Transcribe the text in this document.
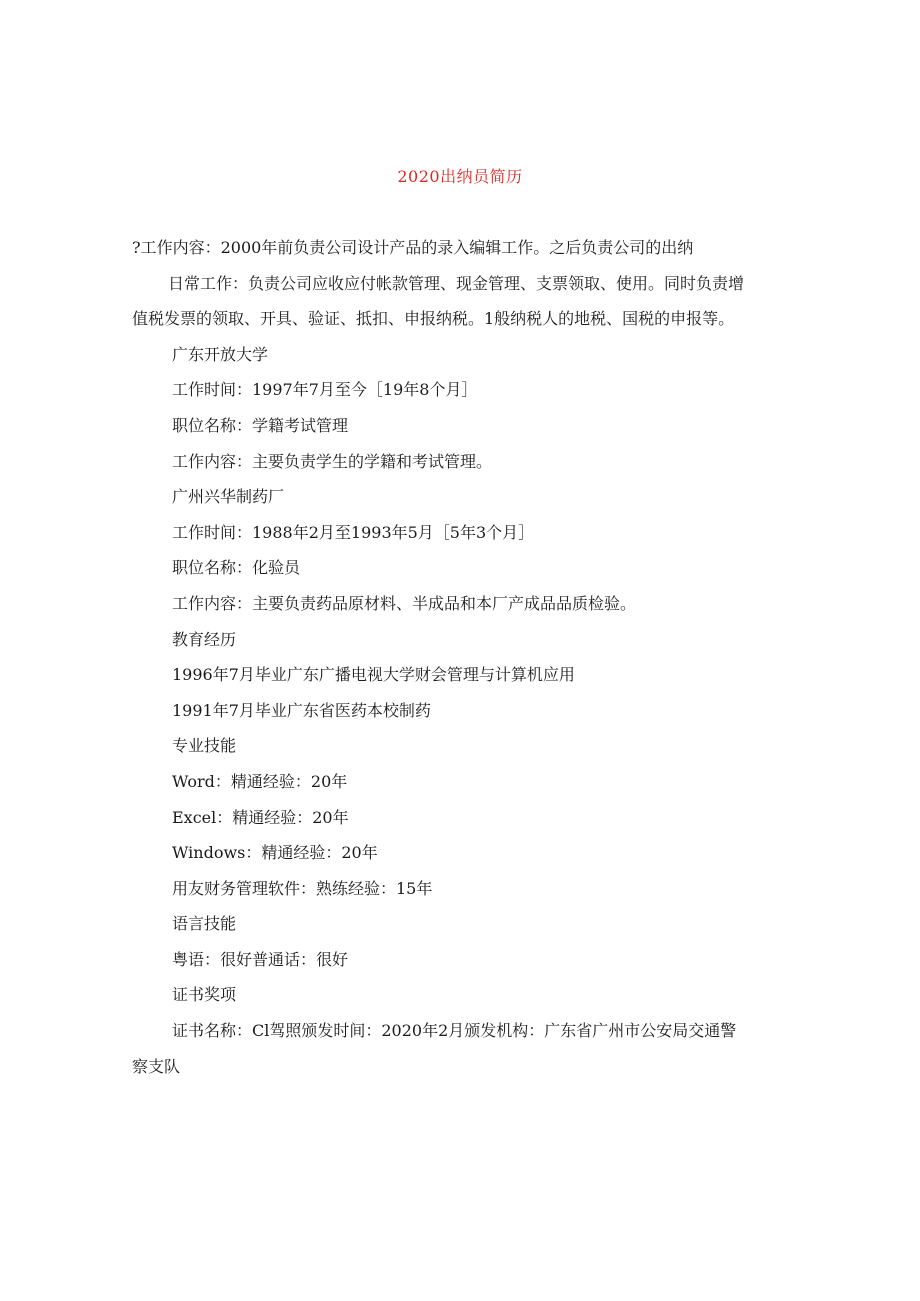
2020出纳员简历
?工作内容：2000年前负责公司设计产品的录入编辑工作。之后负责公司的出纳
日常工作：负责公司应收应付帐款管理、现金管理、支票领取、使用。同时负责增
值税发票的领取、开具、验证、抵扣、申报纳税。1般纳税人的地税、国税的申报等。
广东开放大学
工作时间：1997年7月至今［19年8个月］
职位名称：学籍考试管理
工作内容：主要负责学生的学籍和考试管理。
广州兴华制药厂
工作时间：1988年2月至1993年5月［5年3个月］
职位名称：化验员
工作内容：主要负责药品原材料、半成品和本厂产成品品质检验。
教育经历
1996年7月毕业广东广播电视大学财会管理与计算机应用
1991年7月毕业广东省医药本校制药
专业技能
Word：精通经验：20年
Excel：精通经验：20年
Windows：精通经验：20年
用友财务管理软件：熟练经验：15年
语言技能
粤语：很好普通话：很好
证书奖项
证书名称：Cl驾照颁发时间：2020年2月颁发机构：广东省广州市公安局交通警
察支队
